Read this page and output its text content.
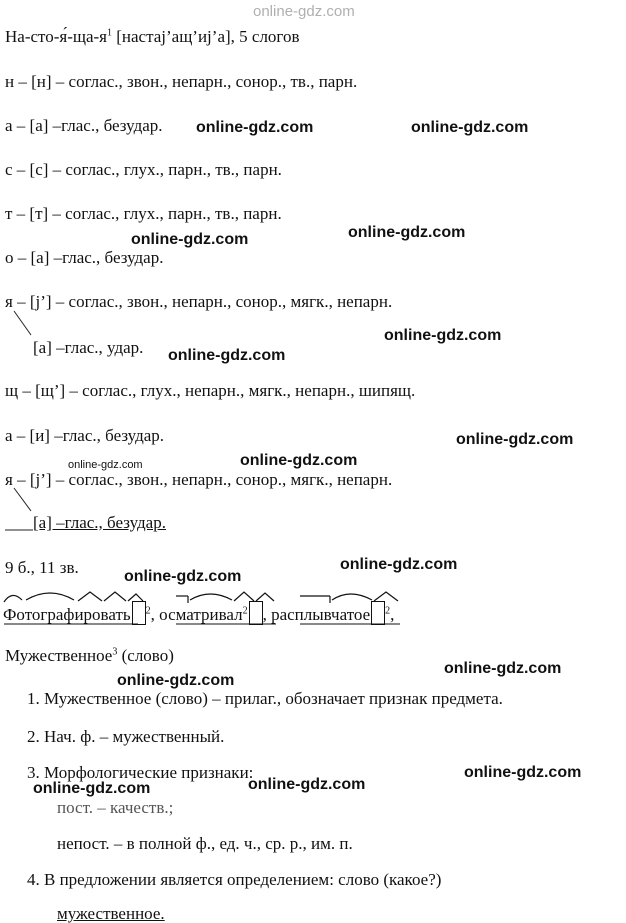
online-gdz.com
$На-сто-я́-ща-я^1$ [настаj’ащ’иj’а], 5 слогов
н – [н] – соглас., звон., непарн., сонор., тв., парн.
а – [а] –глас., безудар.
с – [с] – соглас., глух., парн., тв., парн.
т – [т] – соглас., глух., парн., тв., парн.
о – [а] –глас., безудар.
я – [j’] – соглас., звон., непарн., сонор., мягк., непарн.
[а] –глас., удар.
щ – [щ’] – соглас., глух., непарн., мягк., непарн., шипящ.
а – [и] –глас., безудар.
я – [j’] – соглас., звон., непарн., сонор., мягк., непарн.
[а] –глас., безудар.
9 б., 11 зв.
Фотографировать $^2$, осматривал$^2$ , расплывчатое $^2$,
Мужественное$^3$ (слово)
1. Мужественное (слово) – прилаг., обозначает признак предмета.
2. Нач. ф. – мужественный.
3. Морфологические признаки:
пост. – качеств.;
непост. – в полной ф., ед. ч., ср. р., им. п.
4. В предложении является определением: слово (какое?)
мужественное.
online-gdz.com	online-gdz.com
online-gdz.com	online-gdz.com
online-gdz.com
online-gdz.com
online-gdz.com
online-gdz.com
online-gdz.com
online-gdz.com
online-gdz.com
online-gdz.com
online-gdz.com
online-gdz.com
online-gdz.com
online-gdz.com
